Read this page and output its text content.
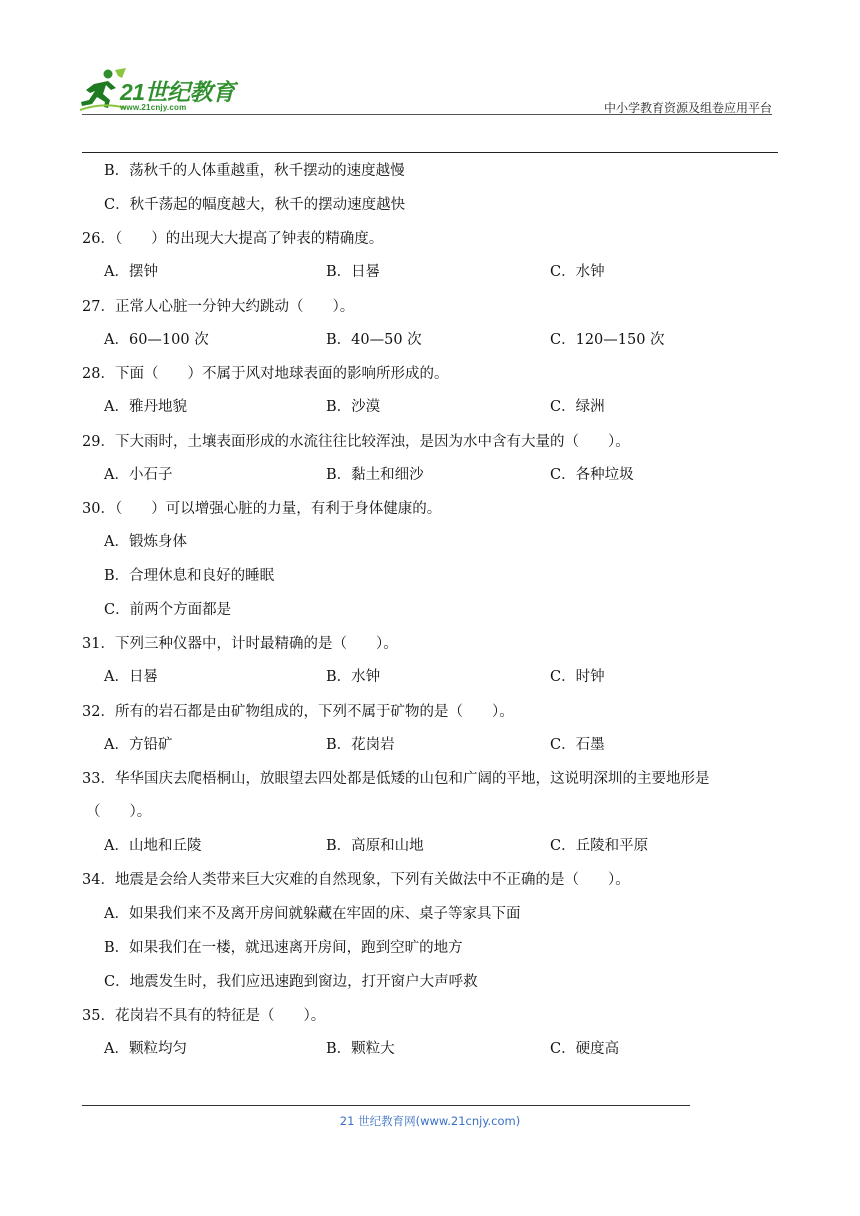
21世纪教育
www.21cnjy.com	中小学教育资源及组卷应用平台
B．荡秋千的人体重越重，秋千摆动的速度越慢
C．秋千荡起的幅度越大，秋千的摆动速度越快
26．（　　）的出现大大提高了钟表的精确度。
A．摆钟	B．日晷	C．水钟
27．正常人心脏一分钟大约跳动（　　）。
A．60—100 次	B．40—50 次	C．120—150 次
28．下面（　　）不属于风对地球表面的影响所形成的。
A．雅丹地貌	B．沙漠	C．绿洲
29．下大雨时，土壤表面形成的水流往往比较浑浊，是因为水中含有大量的（　　）。
A．小石子	B．黏土和细沙	C．各种垃圾
30．（　　）可以增强心脏的力量，有利于身体健康的。
A．锻炼身体
B．合理休息和良好的睡眠
C．前两个方面都是
31．下列三种仪器中，计时最精确的是（　　）。
A．日晷	B．水钟	C．时钟
32．所有的岩石都是由矿物组成的，下列不属于矿物的是（　　）。
A．方铅矿	B．花岗岩	C．石墨
33．华华国庆去爬梧桐山，放眼望去四处都是低矮的山包和广阔的平地，这说明深圳的主要地形是
（　　）。
A．山地和丘陵	B．高原和山地	C．丘陵和平原
34．地震是会给人类带来巨大灾难的自然现象，下列有关做法中不正确的是（　　）。
A．如果我们来不及离开房间就躲藏在牢固的床、桌子等家具下面
B．如果我们在一楼，就迅速离开房间，跑到空旷的地方
C．地震发生时，我们应迅速跑到窗边，打开窗户大声呼救
35．花岗岩不具有的特征是（　　）。
A．颗粒均匀	B．颗粒大	C．硬度高
21 世纪教育网(www.21cnjy.com)
